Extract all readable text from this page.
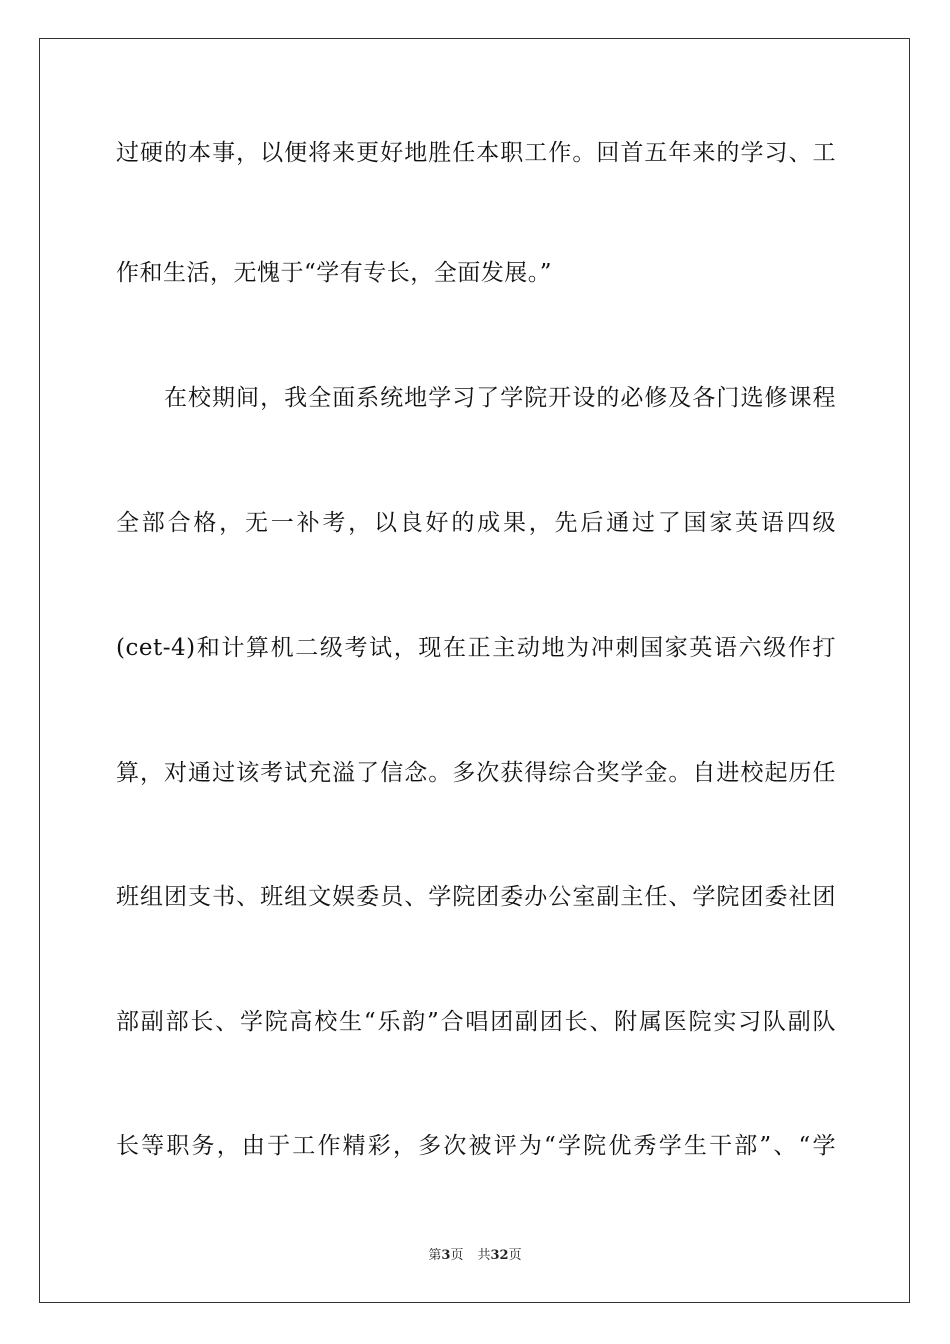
过硬的本事，以便将来更好地胜任本职工作。回首五年来的学习、工
作和生活，无愧于“学有专长，全面发展。”
在校期间，我全面系统地学习了学院开设的必修及各门选修课程
全部合格，无一补考，以良好的成果，先后通过了国家英语四级
(cet-4)和计算机二级考试，现在正主动地为冲刺国家英语六级作打
算，对通过该考试充溢了信念。多次获得综合奖学金。自进校起历任
班组团支书、班组文娱委员、学院团委办公室副主任、学院团委社团
部副部长、学院高校生“乐韵”合唱团副团长、附属医院实习队副队
长等职务，由于工作精彩，多次被评为“学院优秀学生干部”、“学
第3页 共32页
